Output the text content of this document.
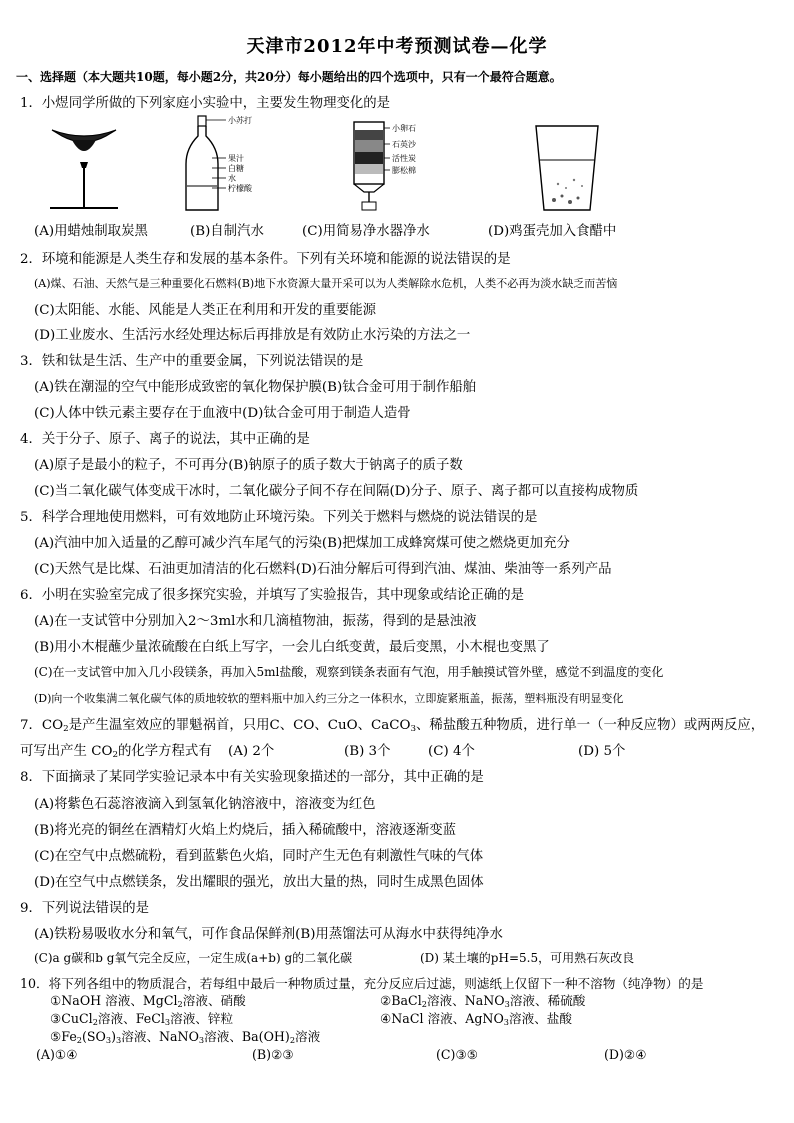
天津市2012年中考预测试卷—化学
一、选择题（本大题共10题，每小题2分，共20分）每小题给出的四个选项中，只有一个最符合题意。
1．小煜同学所做的下列家庭小实验中，主要发生物理变化的是
小苏打
果汁
白糖
水
柠檬酸
小卵石
石英沙
活性炭
膨松棉
(A)用蜡烛制取炭黑	(B)自制汽水	(C)用简易净水器净水	(D)鸡蛋壳加入食醋中
2．环境和能源是人类生存和发展的基本条件。下列有关环境和能源的说法错误的是
(A)煤、石油、天然气是三种重要化石燃料(B)地下水资源大量开采可以为人类解除水危机，人类不必再为淡水缺乏而苦恼
(C)太阳能、水能、风能是人类正在利用和开发的重要能源
(D)工业废水、生活污水经处理达标后再排放是有效防止水污染的方法之一
3．铁和钛是生活、生产中的重要金属，下列说法错误的是
(A)铁在潮湿的空气中能形成致密的氧化物保护膜(B)钛合金可用于制作船舶
(C)人体中铁元素主要存在于血液中(D)钛合金可用于制造人造骨
4．关于分子、原子、离子的说法，其中正确的是
(A)原子是最小的粒子，不可再分(B)钠原子的质子数大于钠离子的质子数
(C)当二氧化碳气体变成干冰时，二氧化碳分子间不存在间隔(D)分子、原子、离子都可以直接构成物质
5．科学合理地使用燃料，可有效地防止环境污染。下列关于燃料与燃烧的说法错误的是
(A)汽油中加入适量的乙醇可减少汽车尾气的污染(B)把煤加工成蜂窝煤可使之燃烧更加充分
(C)天然气是比煤、石油更加清洁的化石燃料(D)石油分解后可得到汽油、煤油、柴油等一系列产品
6．小明在实验室完成了很多探究实验，并填写了实验报告，其中现象或结论正确的是
(A)在一支试管中分别加入2～3ml水和几滴植物油，振荡，得到的是悬浊液
(B)用小木棍蘸少量浓硫酸在白纸上写字，一会儿白纸变黄，最后变黑，小木棍也变黑了
(C)在一支试管中加入几小段镁条，再加入5ml盐酸，观察到镁条表面有气泡，用手触摸试管外壁，感觉不到温度的变化
(D)向一个收集满二氧化碳气体的质地较软的塑料瓶中加入约三分之一体积水，立即旋紧瓶盖，振荡，塑料瓶没有明显变化
7．$CO_2$是产生温室效应的罪魁祸首，只用C、CO、CuO、CaCO$_3$、稀盐酸五种物质，进行单一（一种反应物）或两两反应，
可写出产生 $CO_2$的化学方程式有 (A) 2个	(B) 3个	(C) 4个	(D) 5个
8．下面摘录了某同学实验记录本中有关实验现象描述的一部分，其中正确的是
(A)将紫色石蕊溶液滴入到氢氧化钠溶液中，溶液变为红色
(B)将光亮的铜丝在酒精灯火焰上灼烧后，插入稀硫酸中，溶液逐渐变蓝
(C)在空气中点燃硫粉，看到蓝紫色火焰，同时产生无色有刺激性气味的气体
(D)在空气中点燃镁条，发出耀眼的强光，放出大量的热，同时生成黑色固体
9．下列说法错误的是
(A)铁粉易吸收水分和氧气，可作食品保鲜剂(B)用蒸馏法可从海水中获得纯净水
(C)a g碳和b g氧气完全反应，一定生成(a+b) g的二氧化碳	(D) 某土壤的pH=5.5，可用熟石灰改良
10．将下列各组中的物质混合，若每组中最后一种物质过量，充分反应后过滤，则滤纸上仅留下一种不溶物（纯净物）的是
①NaOH 溶液、MgCl$_2$溶液、硝酸	②BaCl$_2$溶液、NaNO$_3$溶液、稀硫酸
③CuCl$_2$溶液、FeCl$_3$溶液、锌粒	④NaCl 溶液、AgNO$_3$溶液、盐酸
$⑤Fe_2(SO_3)_3$溶液、NaNO$_3$溶液、$Ba(OH)_2$溶液
(A)①④	(B)②③	(C)③⑤	(D)②④
